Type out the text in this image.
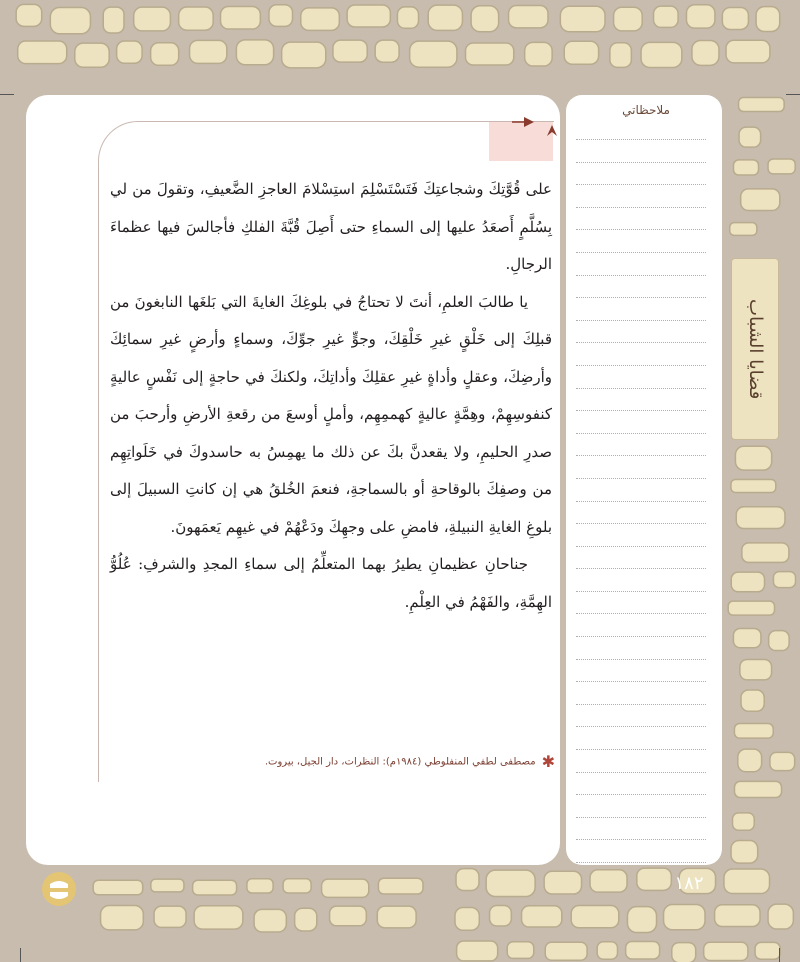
على قُوَّتِكَ وشجاعتِكَ فَتَسْتَسْلِمَ استِسْلامَ العاجزِ الضَّعيفِ، وتقولَ من لي بِسُلَّمٍ أَصعَدُ عليها إلى السماءِ حتى أَصِلَ قُبَّةَ الفلكِ فأجالسَ فيها عظماءَ الرجالِ.

يا طالبَ العلمِ، أنتَ لا تحتاجُ في بلوغِكَ الغايةَ التي بَلغَها النابغونَ من قبلِكَ إلى خَلْقٍ غيرِ خَلْقِكَ، وجوٍّ غيرِ جوِّكَ، وسماءٍ وأرضٍ غيرِ سمائِكَ وأرضِكَ، وعقلٍ وأداةٍ غيرِ عقلِكَ وأداتِكَ، ولكنكَ في حاجةٍ إلى نَفْسٍ عاليةٍ كنفوسِهِمْ، وهِمَّةٍ عاليةٍ كهممِهِم، وأملٍ أوسعَ من رقعةِ الأرضِ وأرحبَ من صدرِ الحليمِ، ولا يقعدنَّ بكَ عن ذلك ما يهمِسُ به حاسدوكَ في خَلَواتِهِم من وصفِكَ بالوقاحةِ أو بالسماجةِ، فنعمَ الخُلقُ هي إن كانتِ السبيلَ إلى بلوغِ الغايةِ النبيلةِ، فامضِ على وجهِكَ ودَعْهُمْ في غيهِم يَعمَهونَ.

جناحانِ عظيمانِ يطيرُ بهما المتعلِّمُ إلى سماءِ المجدِ والشرفِ: عُلُوُّ الهِمَّةِ، والفَهْمُ في العِلْمِ.

✱مصطفى لطفي المنفلوطي (١٩٨٤م): النظرات، دار الجيل، بيروت.
ملاحظاتي
قضايا الشباب
١٨٢
